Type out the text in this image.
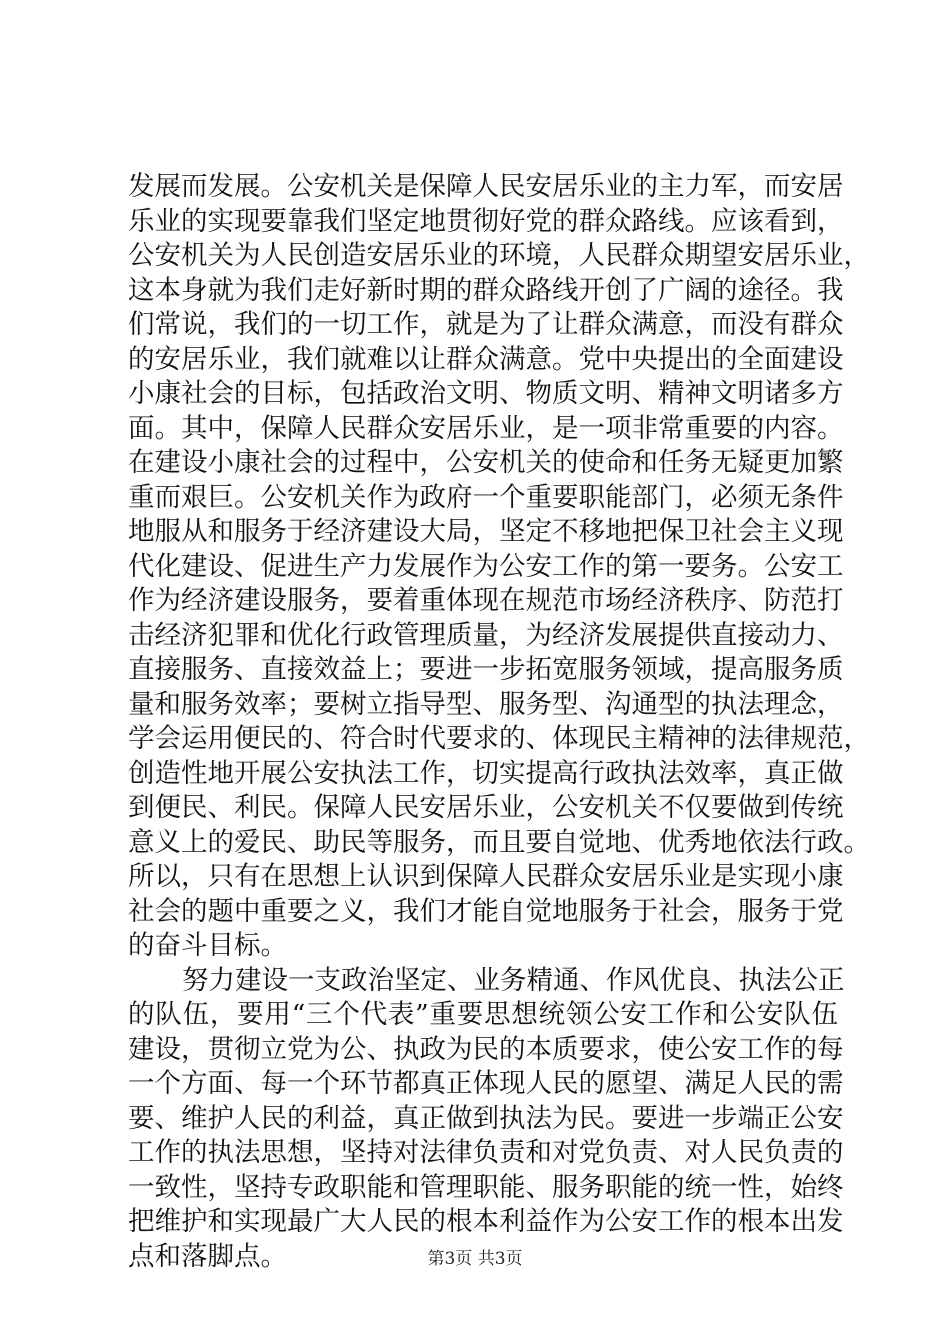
发展而发展。公安机关是保障人民安居乐业的主力军，而安居
乐业的实现要靠我们坚定地贯彻好党的群众路线。应该看到，
公安机关为人民创造安居乐业的环境，人民群众期望安居乐业，
这本身就为我们走好新时期的群众路线开创了广阔的途径。我
们常说，我们的一切工作，就是为了让群众满意，而没有群众
的安居乐业，我们就难以让群众满意。党中央提出的全面建设
小康社会的目标，包括政治文明、物质文明、精神文明诸多方
面。其中，保障人民群众安居乐业，是一项非常重要的内容。
在建设小康社会的过程中，公安机关的使命和任务无疑更加繁
重而艰巨。公安机关作为政府一个重要职能部门，必须无条件
地服从和服务于经济建设大局，坚定不移地把保卫社会主义现
代化建设、促进生产力发展作为公安工作的第一要务。公安工
作为经济建设服务，要着重体现在规范市场经济秩序、防范打
击经济犯罪和优化行政管理质量，为经济发展提供直接动力、
直接服务、直接效益上；要进一步拓宽服务领域，提高服务质
量和服务效率；要树立指导型、服务型、沟通型的执法理念，
学会运用便民的、符合时代要求的、体现民主精神的法律规范，
创造性地开展公安执法工作，切实提高行政执法效率，真正做
到便民、利民。保障人民安居乐业，公安机关不仅要做到传统
意义上的爱民、助民等服务，而且要自觉地、优秀地依法行政。
所以，只有在思想上认识到保障人民群众安居乐业是实现小康
社会的题中重要之义，我们才能自觉地服务于社会，服务于党
的奋斗目标。
努力建设一支政治坚定、业务精通、作风优良、执法公正
的队伍，要用“三个代表”重要思想统领公安工作和公安队伍
建设，贯彻立党为公、执政为民的本质要求，使公安工作的每
一个方面、每一个环节都真正体现人民的愿望、满足人民的需
要、维护人民的利益，真正做到执法为民。要进一步端正公安
工作的执法思想，坚持对法律负责和对党负责、对人民负责的
一致性，坚持专政职能和管理职能、服务职能的统一性，始终
把维护和实现最广大人民的根本利益作为公安工作的根本出发
点和落脚点。	第3页 共3页
